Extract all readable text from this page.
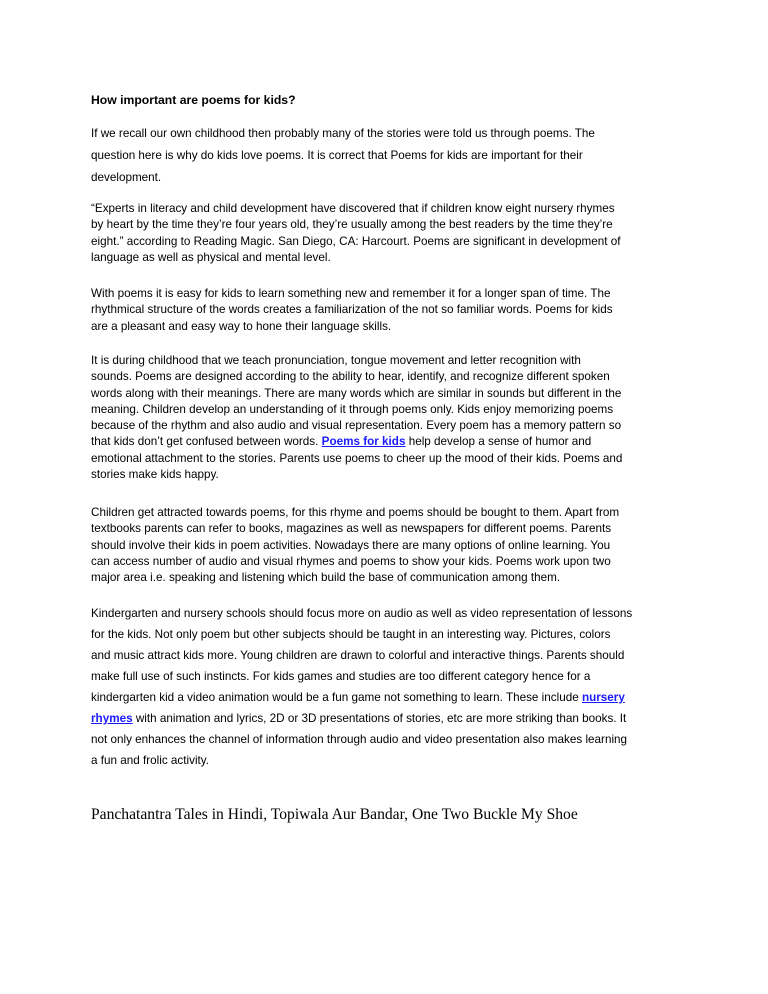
How important are poems for kids?
If we recall our own childhood then probably many of the stories were told us through poems. The
question here is why do kids love poems. It is correct that Poems for kids are important for their
development.
“Experts in literacy and child development have discovered that if children know eight nursery rhymes
by heart by the time they’re four years old, they’re usually among the best readers by the time they’re
eight.” according to Reading Magic. San Diego, CA: Harcourt. Poems are significant in development of
language as well as physical and mental level.
With poems it is easy for kids to learn something new and remember it for a longer span of time. The
rhythmical structure of the words creates a familiarization of the not so familiar words. Poems for kids
are a pleasant and easy way to hone their language skills.
It is during childhood that we teach pronunciation, tongue movement and letter recognition with
sounds. Poems are designed according to the ability to hear, identify, and recognize different spoken
words along with their meanings. There are many words which are similar in sounds but different in the
meaning. Children develop an understanding of it through poems only. Kids enjoy memorizing poems
because of the rhythm and also audio and visual representation. Every poem has a memory pattern so
that kids don’t get confused between words. Poems for kids help develop a sense of humor and
emotional attachment to the stories. Parents use poems to cheer up the mood of their kids. Poems and
stories make kids happy.
Children get attracted towards poems, for this rhyme and poems should be bought to them. Apart from
textbooks parents can refer to books, magazines as well as newspapers for different poems. Parents
should involve their kids in poem activities. Nowadays there are many options of online learning. You
can access number of audio and visual rhymes and poems to show your kids. Poems work upon two
major area i.e. speaking and listening which build the base of communication among them.
Kindergarten and nursery schools should focus more on audio as well as video representation of lessons
for the kids. Not only poem but other subjects should be taught in an interesting way. Pictures, colors
and music attract kids more. Young children are drawn to colorful and interactive things. Parents should
make full use of such instincts. For kids games and studies are too different category hence for a
kindergarten kid a video animation would be a fun game not something to learn. These include nursery
rhymes with animation and lyrics, 2D or 3D presentations of stories, etc are more striking than books. It
not only enhances the channel of information through audio and video presentation also makes learning
a fun and frolic activity.
Panchatantra Tales in Hindi, Topiwala Aur Bandar, One Two Buckle My Shoe
